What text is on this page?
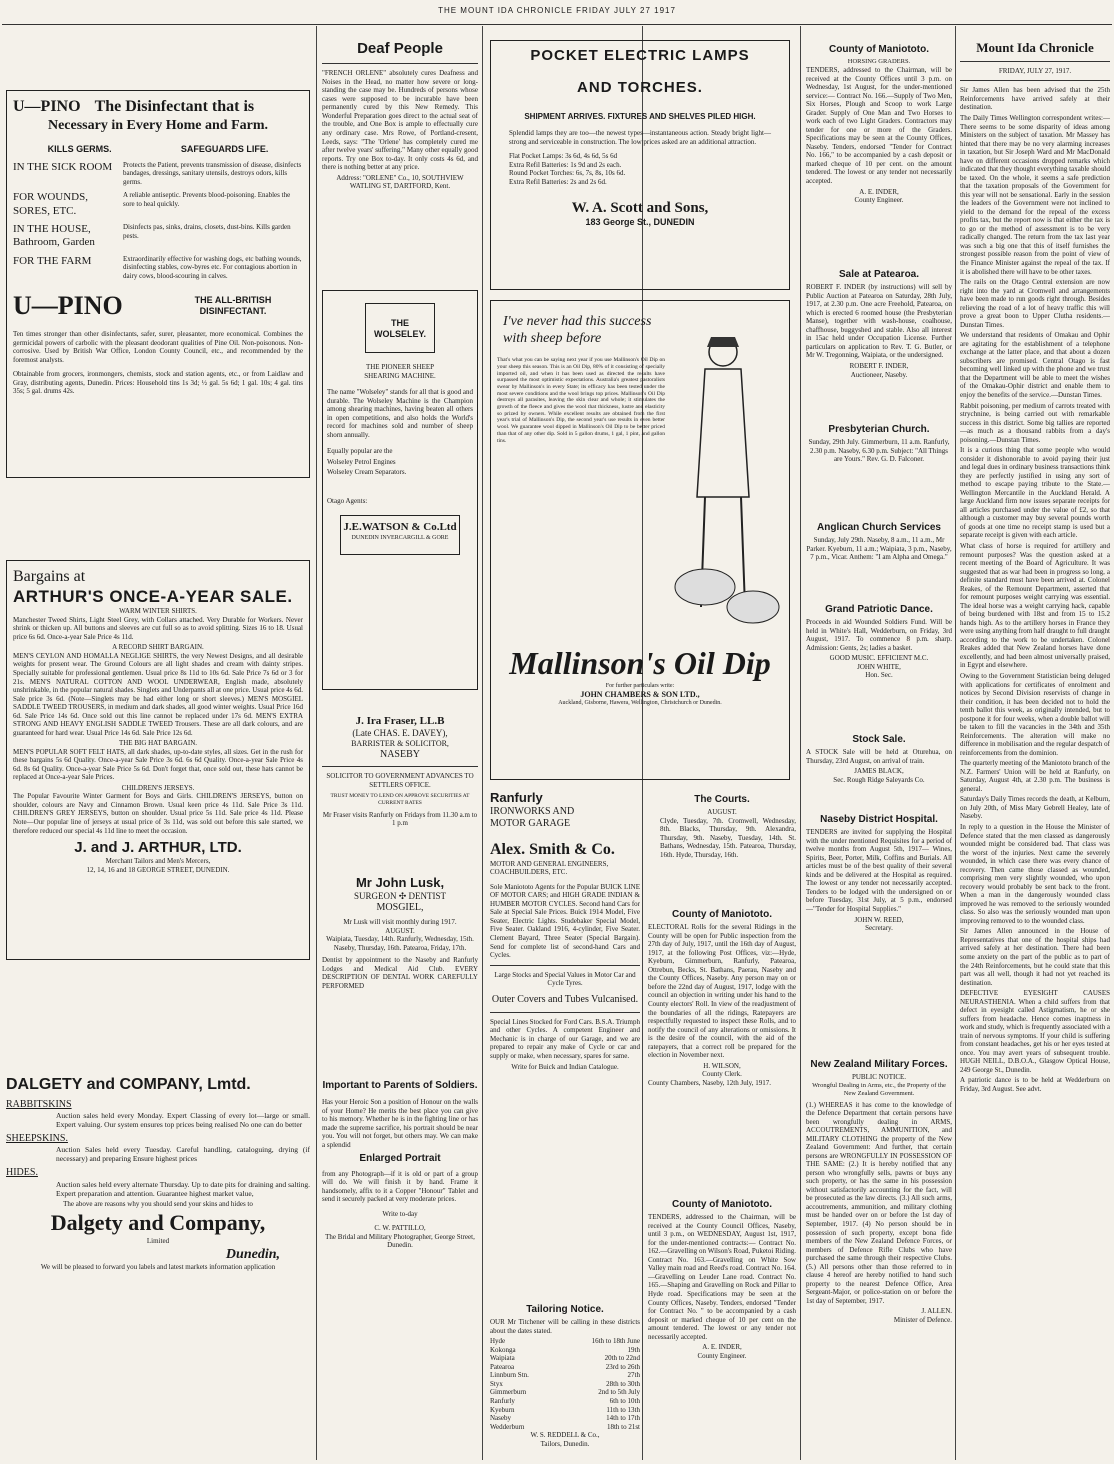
THE MOUNT IDA CHRONICLE FRIDAY JULY 27 1917
U—PINO The Disinfectant that is
Necessary in Every Home and Farm.
KILLS GERMS.	SAFEGUARDS LIFE.
IN THE SICK ROOM	Protects the Patient, prevents transmission of disease, disinfects bandages, dressings, sanitary utensils, destroys odors, kills germs.
FOR WOUNDS, SORES, ETC.
A reliable antiseptic. Prevents blood-poisoning. Enables the sore to heal quickly.
IN THE HOUSE, Bathroom, Garden
Disinfects pas, sinks, drains, closets, dust-bins. Kills garden pests.
FOR THE FARM	Extraordinarily effective for washing dogs, etc bathing wounds, disinfecting stables, cow-byres etc. For contagious abortion in dairy cows, blood-scouring in calves.
U—PINO	THE ALL-BRITISH DISINFECTANT.

Ten times stronger than other disinfectants, safer, surer, pleasanter, more economical. Combines the germicidal powers of carbolic with the pleasant deodorant qualities of Pine Oil. Non-poisonous. Non-corrosive. Used by British War Office, London County Council, etc., and recommended by the foremost analysts.

Obtainable from grocers, ironmongers, chemists, stock and station agents, etc., or from Laidlaw and Gray, distributing agents, Dunedin. Prices: Household tins 1s 3d; ½ gal. 5s 6d; 1 gal. 10s; 4 gal. tins 35s; 5 gal. drums 42s.

Bargains at
ARTHUR'S ONCE-A-YEAR SALE.
WARM WINTER SHIRTS.

Manchester Tweed Shirts, Light Steel Grey, with Collars attached. Very Durable for Workers. Never shrink or thicken up. All buttons and sleeves are cut full so as to avoid splitting. Sizes 16 to 18. Usual price 6s 6d. Once-a-year Sale Price 4s 11d.

A RECORD SHIRT BARGAIN.

MEN'S CEYLON AND HOMALLA NEGLIGE SHIRTS, the very Newest Designs, and all desirable weights for present wear. The Ground Colours are all light shades and cream with dainty stripes. Specially suitable for professional gentlemen. Usual price 8s 11d to 10s 6d. Sale Price 7s 6d or 3 for 21s. MEN'S NATURAL COTTON AND WOOL UNDERWEAR, English made, absolutely unshrinkable, in the popular natural shades. Singlets and Underpants all at one price. Usual price 4s 6d. Sale price 3s 6d. (Note—Singlets may be had either long or short sleeves.) MEN'S MOSGIEL SADDLE TWEED TROUSERS, in medium and dark shades, all good winter weights. Usual Price 16d 6d. Sale Price 14s 6d. Once sold out this line cannot be replaced under 17s 6d. MEN'S EXTRA STRONG AND HEAVY ENGLISH SADDLE TWEED Trousers. These are all dark colours, and are guaranteed for hard wear. Usual Price 14s 6d. Sale Price 12s 6d.

THE BIG HAT BARGAIN.

MEN'S POPULAR SOFT FELT HATS, all dark shades, up-to-date styles, all sizes. Get in the rush for these bargains 5s 6d Quality. Once-a-year Sale Price 3s 6d. 6s 6d Quality. Once-a-year Sale Price 4s 6d. 8s 6d Quality. Once-a-year Sale Price 5s 6d. Don't forget that, once sold out, these hats cannot be replaced at Once-a-year Sale Prices.

CHILDREN'S JERSEYS.

The Popular Favourite Winter Garment for Boys and Girls. CHILDREN'S JERSEYS, button on shoulder, colours are Navy and Cinnamon Brown. Usual keen price 4s 11d. Sale Price 3s 11d. CHILDREN'S GREY JERSEYS, button on shoulder. Usual price 5s 11d. Sale price 4s 11d. Please Note—Our popular line of jerseys at usual price of 3s 11d, was sold out before this sale started, we therefore reduced our special 4s 11d line to meet the occasion.

J. and J. ARTHUR, LTD.
Merchant Tailors and Men's Mercers,
12, 14, 16 and 18 GEORGE STREET, DUNEDIN.
DALGETY and COMPANY, Lmtd.
RABBITSKINS

Auction sales held every Monday. Expert Classing of every lot—large or small. Expert valuing. Our system ensures top prices being realised No one can do better

SHEEPSKINS.

Auction Sales held every Tuesday. Careful handling, cataloguing, drying (if necessary) and preparing Ensure highest prices

HIDES.

Auction sales held every alternate Thursday. Up to date pits for draining and salting. Expert preparation and attention. Guarantee highest market value,

The above are reasons why you should send your skins and hides to

Dalgety and Company,
Limited
Dunedin,

We will be pleased to forward you labels and latest markets information application

Deaf People

"FRENCH ORLENE" absolutely cures Deafness and Noises in the Head, no matter how severe or long-standing the case may be. Hundreds of persons whose cases were supposed to be incurable have been permanently cured by this New Remedy. This Wonderful Preparation goes direct to the actual seat of the trouble, and One Box is ample to effectually cure any ordinary case. Mrs Rowe, of Portland-cresent, Leeds, says: "The 'Orlene' has completely cured me after twelve years' suffering." Many other equally good reports. Try one Box to-day. It only costs 4s 6d, and there is nothing better at any price.

Address: "ORLENE" Co., 10, SOUTHVIEW WATLING ST, DARTFORD, Kent.

THE WOLSELEY.
THE PIONEER SHEEP
SHEARING MACHINE.

The name "Wolseley" stands for all that is good and durable. The Wolseley Machine is the Champion among shearing machines, having beaten all others in open competitions, and also holds the World's record for machines sold and number of sheep shorn annually.

Equally popular are the

Wolseley Petrol Engines

Wolseley Cream Separators.

Otago Agents:

J.E.WATSON & Co.Ltd
DUNEDIN INVERCARGILL & GORE
J. Ira Fraser, LL.B
(Late CHAS. E. DAVEY),
BARRISTER & SOLICITOR,
NASEBY
SOLICITOR TO GOVERNMENT ADVANCES TO SETTLERS OFFICE.
TRUST MONEY TO LEND ON APPROVE SECURITIES AT CURRENT RATES
Mr Fraser visits Ranfurly on Fridays from 11.30 a.m to 1 p.m
Mr John Lusk,
SURGEON ✣ DENTIST
MOSGIEL,
Mr Lusk will visit monthly during 1917.
AUGUST.
Waipiata, Tuesday, 14th. Ranfurly, Wednesday, 15th. Naseby, Thursday, 16th. Patearoa, Friday, 17th.

Dentist by appointment to the Naseby and Ranfurly Lodges and Medical Aid Club. EVERY DESCRIPTION OF DENTAL WORK CAREFULLY PERFORMED

Important to Parents of Soldiers.

Has your Heroic Son a position of Honour on the walls of your Home? He merits the best place you can give to his memory. Whether he is in the fighting line or has made the supreme sacrifice, his portrait should be near you. You will not forget, but others may. We can make a splendid

Enlarged Portrait

from any Photograph—if it is old or part of a group will do. We will finish it by hand. Frame it handsomely, affix to it a Copper "Honour" Tablet and send it securely packed at very moderate prices.

Write to-day
C. W. PATTILLO,
The Bridal and Military Photographer, George Street, Dunedin.
POCKET ELECTRIC LAMPS
AND TORCHES.
SHIPMENT ARRIVES. FIXTURES AND SHELVES PILED HIGH.

Splendid lamps they are too—the newest types—instantaneous action. Steady bright light—strong and serviceable in construction. The low prices asked are an additional attraction.

Flat Pocket Lamps: 3s 6d, 4s 6d, 5s 6d
Extra Refil Batteries: 1s 9d and 2s each.
Round Pocket Torches: 6s, 7s, 8s, 10s 6d.
Extra Refil Batteries: 2s and 2s 6d.
W. A. Scott and Sons,
183 George St., DUNEDIN
I've never had this success with sheep before

That's what you can be saying next year if you use Mallinson's Oil Dip on your sheep this season. This is an Oil Dip, 80% of it consisting of specially imported oil, and when it has been used as directed the results have surpassed the most optimistic expectations. Australia's greatest pastoralists swear by Mallinson's in every State; its efficacy has been tested under the most severe conditions and the wool brings top prices. Mallinson's Oil Dip destroys all parasites, leaving the skin clear and whole; it stimulates the growth of the fleece and gives the wool that thickness, lustre and elasticity so prized by owners. While excellent results are obtained from the first year's trial of Mallinson's Dip, the second year's use results in even better wool. We guarantee wool dipped in Mallinson's Oil Dip to be better priced than that of any other dip. Sold in 5 gallon drums, 1 gal, 1 pint, and gallon tins.

Mallinson's Oil Dip
For further particulars write:
JOHN CHAMBERS & SON LTD.,
Auckland, Gisborne, Hawera, Wellington, Christchurch or Dunedin.
Ranfurly
IRONWORKS AND
MOTOR GARAGE
Alex. Smith & Co.
MOTOR AND GENERAL ENGINEERS, COACHBUILDERS, ETC.

Sole Maniototo Agents for the Popular BUICK LINE OF MOTOR CARS; and HIGH GRADE INDIAN & HUMBER MOTOR CYCLES. Second hand Cars for Sale at Special Sale Prices. Buick 1914 Model, Five Seater, Electric Lights. Studebaker Special Model, Five Seater. Oakland 1916, 4-cylinder, Five Seater. Clement Bayard, Three Seater (Special Bargain). Send for complete list of second-hand Cars and Cycles.

Large Stocks and Special Values in Motor Car and Cycle Tyres.

Outer Covers and Tubes Vulcanised.

Special Lines Stocked for Ford Cars. B.S.A. Triumph and other Cycles. A competent Engineer and Mechanic is in charge of our Garage, and we are prepared to repair any make of Cycle or car and supply or make, when necessary, spares for same.

Write for Buick and Indian Catalogue.

Tailoring Notice.

OUR Mr Titchener will be calling in these districts about the dates stated.

Hyde	16th to 18th June
Kokonga	19th
Waipiata	20th to 22nd
Patearoa	23rd to 26th
Linnburn Stn.	27th
Styx	28th to 30th
Gimmerburn	2nd to 5th July
Ranfurly	6th to 10th
Kyeburn	11th to 13th
Naseby	14th to 17th
Wedderburn	18th to 21st
W. S. REDDELL & Co.,
Tailors, Dunedin.
The Courts.
AUGUST.

Clyde, Tuesday, 7th. Cromwell, Wednesday, 8th. Blacks, Thursday, 9th. Alexandra, Thursday, 9th. Naseby, Tuesday, 14th. St. Bathans, Wednesday, 15th. Patearoa, Thursday, 16th. Hyde, Thursday, 16th.

County of Maniototo.

ELECTORAL Rolls for the several Ridings in the County will be open for Public inspection from the 27th day of July, 1917, until the 16th day of August, 1917, at the following Post Offices, viz:—Hyde, Kyeburn, Gimmerburn, Ranfurly, Patearoa, Ottrebun, Becks, St. Bathans, Paerau, Naseby and the County Offices, Naseby. Any person may on or before the 22nd day of August, 1917, lodge with the council an objection in writing under his hand to the County electors' Roll. In view of the readjustment of the boundaries of all the ridings, Ratepayers are respectfully requested to inspect these Rolls, and to notify the council of any alterations or omissions. It is the desire of the council, with the aid of the ratepayers, that a correct roll be prepared for the election in November next.

H. WILSON,
County Clerk.

County Chambers, Naseby, 12th July, 1917.

County of Maniototo.

TENDERS, addressed to the Chairman, will be received at the County Council Offices, Naseby, until 3 p.m., on WEDNESDAY, August 1st, 1917, for the under-mentioned contracts:— Contract No. 162.—Gravelling on Wilson's Road, Puketoi Riding. Contract No. 163.—Gravelling on White Sow Valley main road and Reed's road. Contract No. 164.—Gravelling on Leuder Lane road. Contract No. 165.—Shaping and Gravelling on Rock and Pillar to Hyde road. Specifications may be seen at the County Offices, Naseby. Tenders, endorsed "Tender for Contract No. " to be accompanied by a cash deposit or marked cheque of 10 per cent on the amount tendered. The lowest or any tender not necessarily accepted.

A. E. INDER,
County Engineer.
County of Maniototo.
HORSING GRADERS.

TENDERS, addressed to the Chairman, will be received at the County Offices until 3 p.m. on Wednesday, 1st August, for the under-mentioned service:— Contract No. 166.—Supply of Two Men, Six Horses, Plough and Scoop to work Large Grader. Supply of One Man and Two Horses to work each of two Light Graders. Contractors may tender for one or more of the Graders. Specifications may be seen at the County Offices, Naseby. Tenders, endorsed "Tender for Contract No. 166," to be accompanied by a cash deposit or marked cheque of 10 per cent. on the amount tendered. The lowest or any tender not necessarily accepted.

A. E. INDER,
County Engineer.
Sale at Patearoa.

ROBERT F. INDER (by instructions) will sell by Public Auction at Patearoa on Saturday, 28th July, 1917, at 2.30 p.m. One acre Freehold, Patearoa, on which is erected 6 roomed house (the Presbyterian Manse), together with wash-house, coalhouse, chaffhouse, buggyshed and stable. Also all interest in 15ac held under Occupation License. Further particulars on application to Rev. T. G. Butler, or Mr W. Tregonning, Waipiata, or the undersigned.

ROBERT F. INDER,
Auctioneer, Naseby.
Presbyterian Church.

Sunday, 29th July. Gimmerburn, 11 a.m. Ranfurly, 2.30 p.m. Naseby, 6.30 p.m. Subject: "All Things are Yours." Rev. G. D. Falconer.

Anglican Church Services

Sunday, July 29th. Naseby, 8 a.m., 11 a.m., Mr Parker. Kyeburn, 11 a.m.; Waipiata, 3 p.m., Naseby, 7 p.m., Vicar. Anthem: "I am Alpha and Omega."

Grand Patriotic Dance.

Proceeds in aid Wounded Soldiers Fund. Will be held in White's Hall, Wedderburn, on Friday, 3rd August, 1917. To commence 8 p.m. sharp. Admission: Gents, 2s; ladies a basket.

GOOD MUSIC. EFFICIENT M.C.
JOHN WHITE,
Hon. Sec.
Stock Sale.

A STOCK Sale will be held at Oturehua, on Thursday, 23rd August, on arrival of train.

JAMES BLACK,
Sec. Rough Ridge Saleyards Co.
Naseby District Hospital.

TENDERS are invited for supplying the Hospital with the under mentioned Requisites for a period of twelve months from August 5th, 1917— Wines, Spirits, Beer, Porter, Milk, Coffins and Burials. All articles must be of the best quality of their several kinds and be delivered at the Hospital as required. The lowest or any tender not necessarily accepted. Tenders to be lodged with the undersigned on or before Tuesday, 31st July, at 5 p.m., endorsed—"Tender for Hospital Supplies."

JOHN W. REED,
Secretary.
New Zealand Military Forces.
PUBLIC NOTICE.
Wrongful Dealing in Arms, etc., the Property of the New Zealand Government.

(1.) WHEREAS it has come to the knowledge of the Defence Department that certain persons have been wrongfully dealing in ARMS, ACCOUTREMENTS, AMMUNITION, and MILITARY CLOTHING the property of the New Zealand Government: And further, that certain persons are WRONGFULLY IN POSSESSION OF THE SAME: (2.) It is hereby notified that any person who wrongfully sells, pawns or buys any such property, or has the same in his possession without satisfactorily accounting for the fact, will be prosecuted as the law directs. (3.) All such arms, accoutrements, ammunition, and military clothing must be handed over on or before the 1st day of September, 1917. (4) No person should be in possession of such property, except bona fide members of the New Zealand Defence Forces, or members of Defence Rifle Clubs who have purchased the same through their respective Clubs. (5.) All persons other than those referred to in clause 4 hereof are hereby notified to hand such property to the nearest Defence Office, Area Sergeant-Major, or police-station on or before the 1st day of September, 1917.

J. ALLEN.
Minister of Defence.
Mount Ida Chronicle
FRIDAY, JULY 27, 1917.

Sir James Allen has been advised that the 25th Reinforcements have arrived safely at their destination.

The Daily Times Wellington correspondent writes:—There seems to be some disparity of ideas among Ministers on the subject of taxation. Mr Massey has hinted that there may be no very alarming increases in taxation, but Sir Joseph Ward and Mr MacDonald have on different occasions dropped remarks which indicated that they thought everything taxable should be taxed. On the whole, it seems a safe prediction that the taxation proposals of the Government for this year will not be sensational. Early in the session the leaders of the Government were not inclined to yield to the demand for the repeal of the excess profits tax, but the report now is that either the tax is to go or the method of assessment is to be very radically changed. The return from the tax last year was such a big one that this of itself furnishes the strongest possible reason from the point of view of the Finance Minister against the repeal of the tax. If it is abolished there will have to be other taxes.

The rails on the Otago Central extension are now right into the yard at Cromwell and arrangements have been made to run goods right through. Besides relieving the road of a lot of heavy traffic this will prove a great boon to Upper Clutha residents.—Dunstan Times.

We understand that residents of Omakau and Ophir are agitating for the establishment of a telephone exchange at the latter place, and that about a dozen subscribers are promised. Central Otago is fast becoming well linked up with the phone and we trust that the Department will be able to meet the wishes of the Omakau-Ophir district and enable them to enjoy the benefits of the service.—Dunstan Times.

Rabbit poisoning, per medium of carrots treated with strychnine, is being carried out with remarkable success in this district. Some big tallies are reported—as much as a thousand rabbits from a day's poisoning.—Dunstan Times.

It is a curious thing that some people who would consider it dishonorable to avoid paying their just and legal dues in ordinary business transactions think they are perfectly justified in using any sort of method to escape paying tribute to the State.—Wellington Mercantile in the Auckland Herald. A large Auckland firm now issues separate receipts for all articles purchased under the value of £2, so that although a customer may buy several pounds worth of goods at one time no receipt stamp is used but a separate receipt is given with each article.

What class of horse is required for artillery and remount purposes? Was the question asked at a recent meeting of the Board of Agriculture. It was suggested that as war had been in progress so long, a definite standard must have been arrived at. Colonel Reakes, of the Remount Department, asserted that for remount purposes weight carrying was essential. The ideal horse was a weight carrying hack, capable of being burdened with 18st and from 15 to 15.2 hands high. As to the artillery horses in France they were using anything from half draught to full draught according to the work to be undertaken. Colonel Reakes added that New Zealand horses have done excellently, and had been almost universally praised, in Egypt and elsewhere.

Owing to the Government Statistician being deluged with applications for certificates of enrolment and notices by Second Division reservists of change in their condition, it has been decided not to hold the tenth ballot this week, as originally intended, but to postpone it for four weeks, when a double ballot will be taken to fill the vacancies in the 34th and 35th Reinforcements. The alteration will make no difference in mobilisation and the regular despatch of reinforcements from the dominion.

The quarterly meeting of the Maniototo branch of the N.Z. Farmers' Union will be held at Ranfurly, on Saturday, August 4th, at 2.30 p.m. The business is general.

Saturday's Daily Times records the death, at Kelburn, on July 20th, of Miss Mary Gebrell Healey, late of Naseby.

In reply to a question in the House the Minister of Defence stated that the men classed as dangerously wounded might be considered bad. That class was the worst of the injuries. Next came the severely wounded, in which case there was every chance of recovery. Then came those classed as wounded, comprising men very slightly wounded, who upon recovery would probably be sent back to the front. When a man in the dangerously wounded class improved he was removed to the seriously wounded class. So also was the seriously wounded man upon improving removed to to the wounded class.

Sir James Allen announced in the House of Representatives that one of the hospital ships had arrived safely at her destination. There had been some anxiety on the part of the public as to part of the 24th Reinforcements, but he could state that this part was all well, though it had not yet reached its destination.

DEFECTIVE EYESIGHT CAUSES NEURASTHENIA. When a child suffers from that defect in eyesight called Astigmatism, he or she suffers from headache. Hence comes inaptness in work and study, which is frequently associated with a train of nervous symptoms. If your child is suffering from constant headaches, get his or her eyes tested at once. You may avert years of subsequent trouble. HUGH NEILL, D.B.O.A., Glasgow Optical House, 249 George St., Dunedin.

A patriotic dance is to be held at Wedderburn on Friday, 3rd August. See advt.
